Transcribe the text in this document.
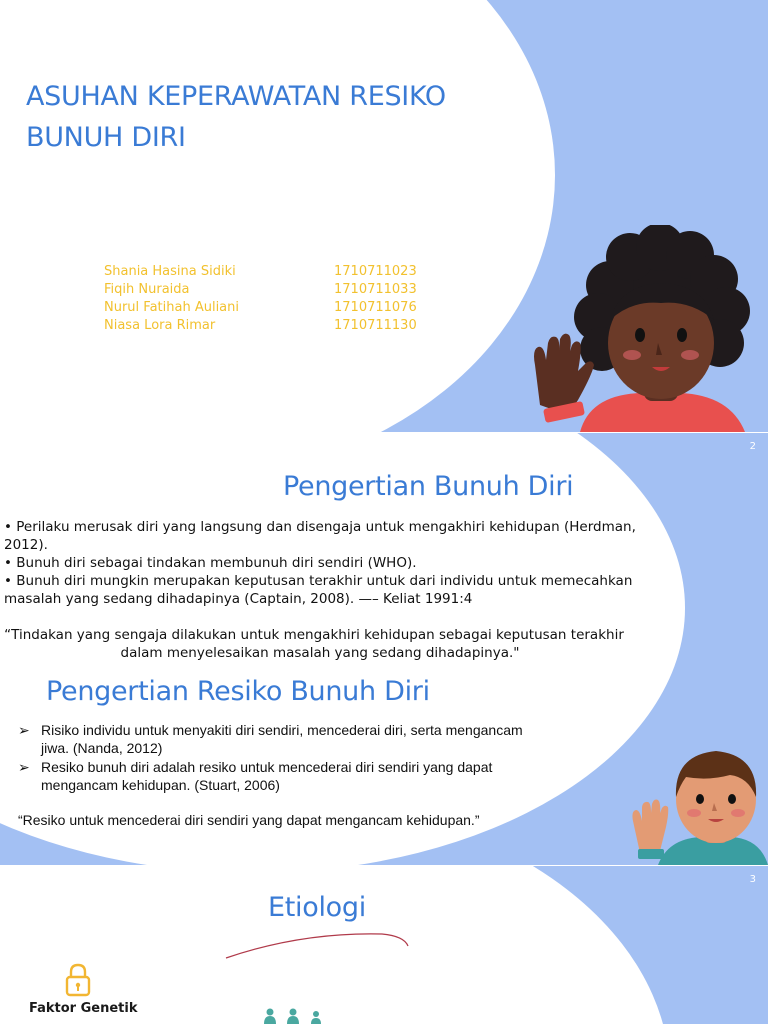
ASUHAN KEPERAWATAN RESIKO BUNUH DIRI
Shania Hasina Sidiki	1710711023
Fiqih Nuraida	1710711033
Nurul Fatihah Auliani	1710711076
Niasa Lora Rimar	1710711130
2
Pengertian Bunuh Diri
• Perilaku merusak diri yang langsung dan disengaja untuk mengakhiri kehidupan (Herdman, 2012).
• Bunuh diri sebagai tindakan membunuh diri sendiri (WHO).
• Bunuh diri mungkin merupakan keputusan terakhir untuk dari individu untuk memecahkan masalah yang sedang dihadapinya (Captain, 2008). —– Keliat 1991:4
“Tindakan yang sengaja dilakukan untuk mengakhiri kehidupan sebagai keputusan terakhir
dalam menyelesaikan masalah yang sedang dihadapinya."
Pengertian Resiko Bunuh Diri
➢ Risiko individu untuk menyakiti diri sendiri, mencederai diri, serta mengancam jiwa. (Nanda, 2012)
➢ Resiko bunuh diri adalah resiko untuk mencederai diri sendiri yang dapat mengancam kehidupan. (Stuart, 2006)
“Resiko untuk mencederai diri sendiri yang dapat mengancam kehidupan.”
3
Etiologi
Faktor Genetik
